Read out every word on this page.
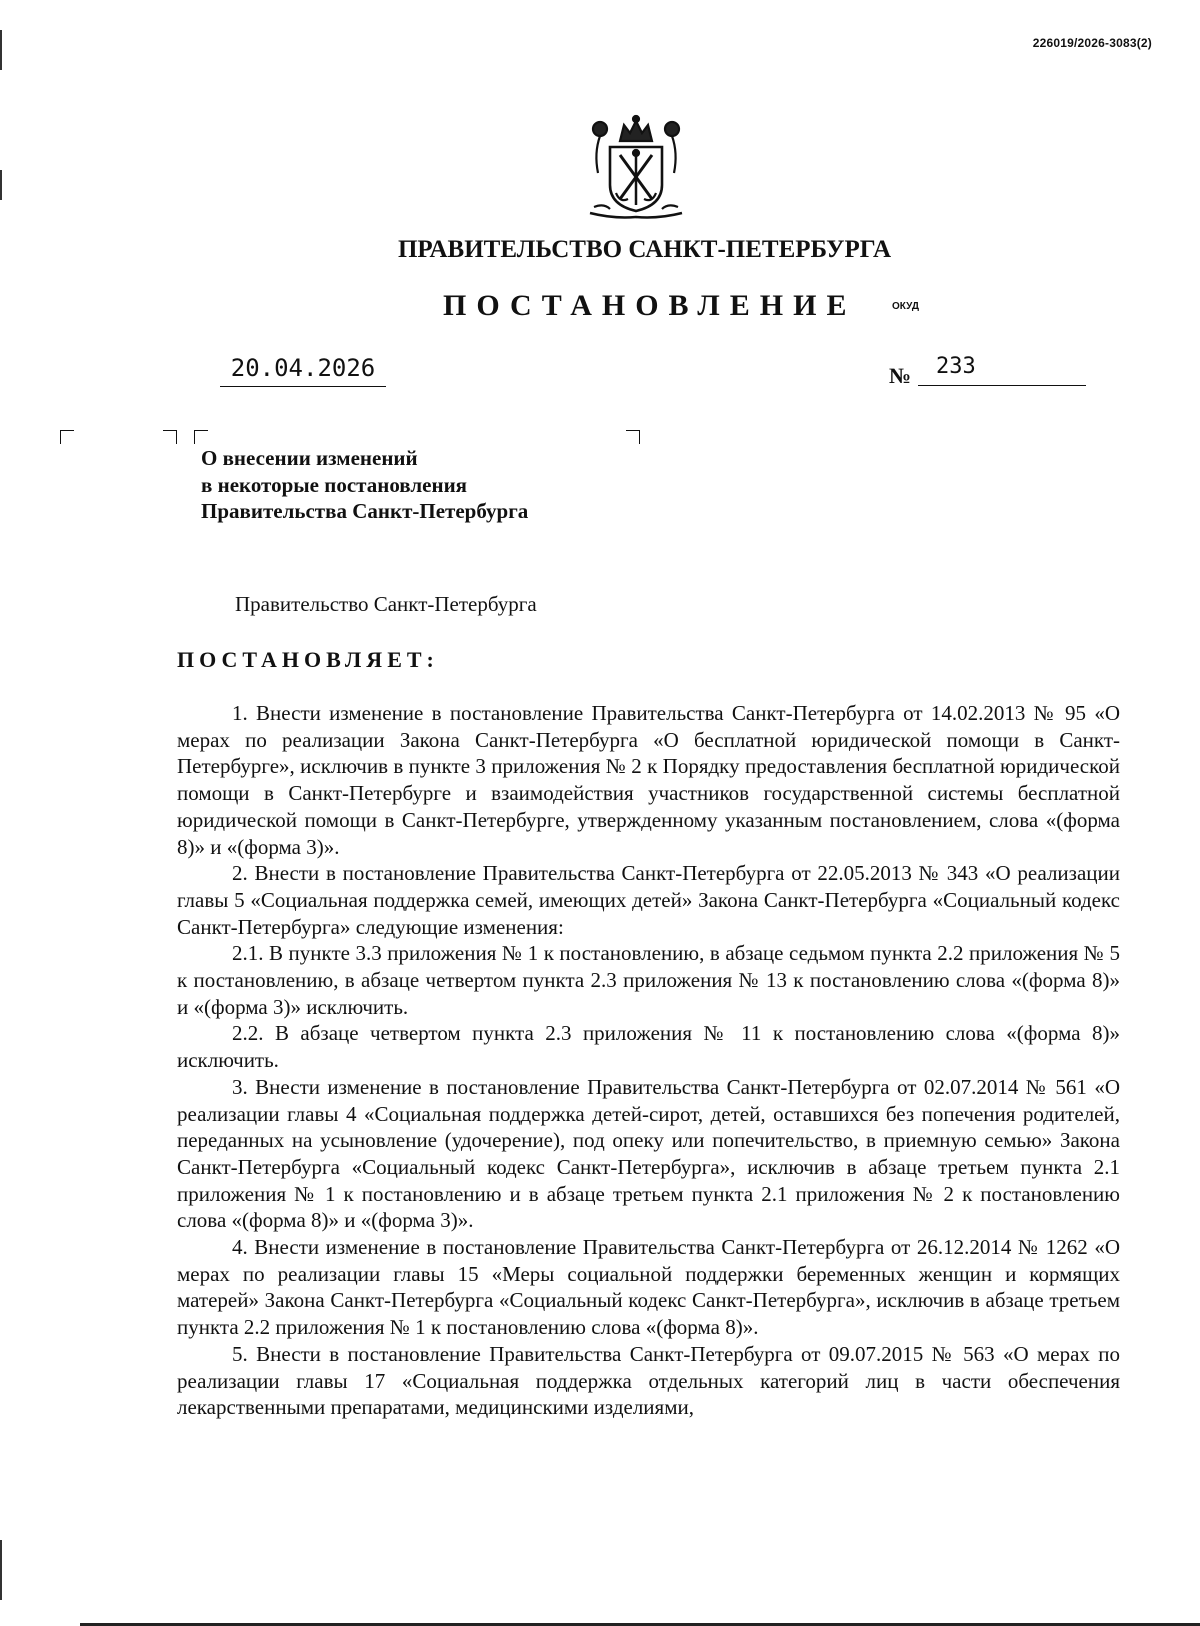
226019/2026-3083(2)
ПРАВИТЕЛЬСТВО САНКТ-ПЕТЕРБУРГА
ПОСТАНОВЛЕНИЕ	ОКУД
20.04.2026	№	233
О внесении изменений
в некоторые постановления
Правительства Санкт-Петербурга
Правительство Санкт-Петербурга
ПОСТАНОВЛЯЕТ:

1. Внести изменение в постановление Правительства Санкт-Петербурга от 14.02.2013 № 95 «О мерах по реализации Закона Санкт-Петербурга «О бесплатной юридической помощи в Санкт-Петербурге», исключив в пункте 3 приложения № 2 к Порядку предоставления бесплатной юридической помощи в Санкт-Петербурге и взаимодействия участников государственной системы бесплатной юридической помощи в Санкт-Петербурге, утвержденному указанным постановлением, слова «(форма 8)» и «(форма 3)».

2. Внести в постановление Правительства Санкт-Петербурга от 22.05.2013 № 343 «О реализации главы 5 «Социальная поддержка семей, имеющих детей» Закона Санкт-Петербурга «Социальный кодекс Санкт-Петербурга» следующие изменения:

2.1. В пункте 3.3 приложения № 1 к постановлению, в абзаце седьмом пункта 2.2 приложения № 5 к постановлению, в абзаце четвертом пункта 2.3 приложения № 13 к постановлению слова «(форма 8)» и «(форма 3)» исключить.

2.2. В абзаце четвертом пункта 2.3 приложения № 11 к постановлению слова «(форма 8)» исключить.

3. Внести изменение в постановление Правительства Санкт-Петербурга от 02.07.2014 № 561 «О реализации главы 4 «Социальная поддержка детей-сирот, детей, оставшихся без попечения родителей, переданных на усыновление (удочерение), под опеку или попечительство, в приемную семью» Закона Санкт-Петербурга «Социальный кодекс Санкт-Петербурга», исключив в абзаце третьем пункта 2.1 приложения № 1 к постановлению и в абзаце третьем пункта 2.1 приложения № 2 к постановлению слова «(форма 8)» и «(форма 3)».

4. Внести изменение в постановление Правительства Санкт-Петербурга от 26.12.2014 № 1262 «О мерах по реализации главы 15 «Меры социальной поддержки беременных женщин и кормящих матерей» Закона Санкт-Петербурга «Социальный кодекс Санкт-Петербурга», исключив в абзаце третьем пункта 2.2 приложения № 1 к постановлению слова «(форма 8)».

5. Внести в постановление Правительства Санкт-Петербурга от 09.07.2015 № 563 «О мерах по реализации главы 17 «Социальная поддержка отдельных категорий лиц в части обеспечения лекарственными препаратами, медицинскими изделиями,
